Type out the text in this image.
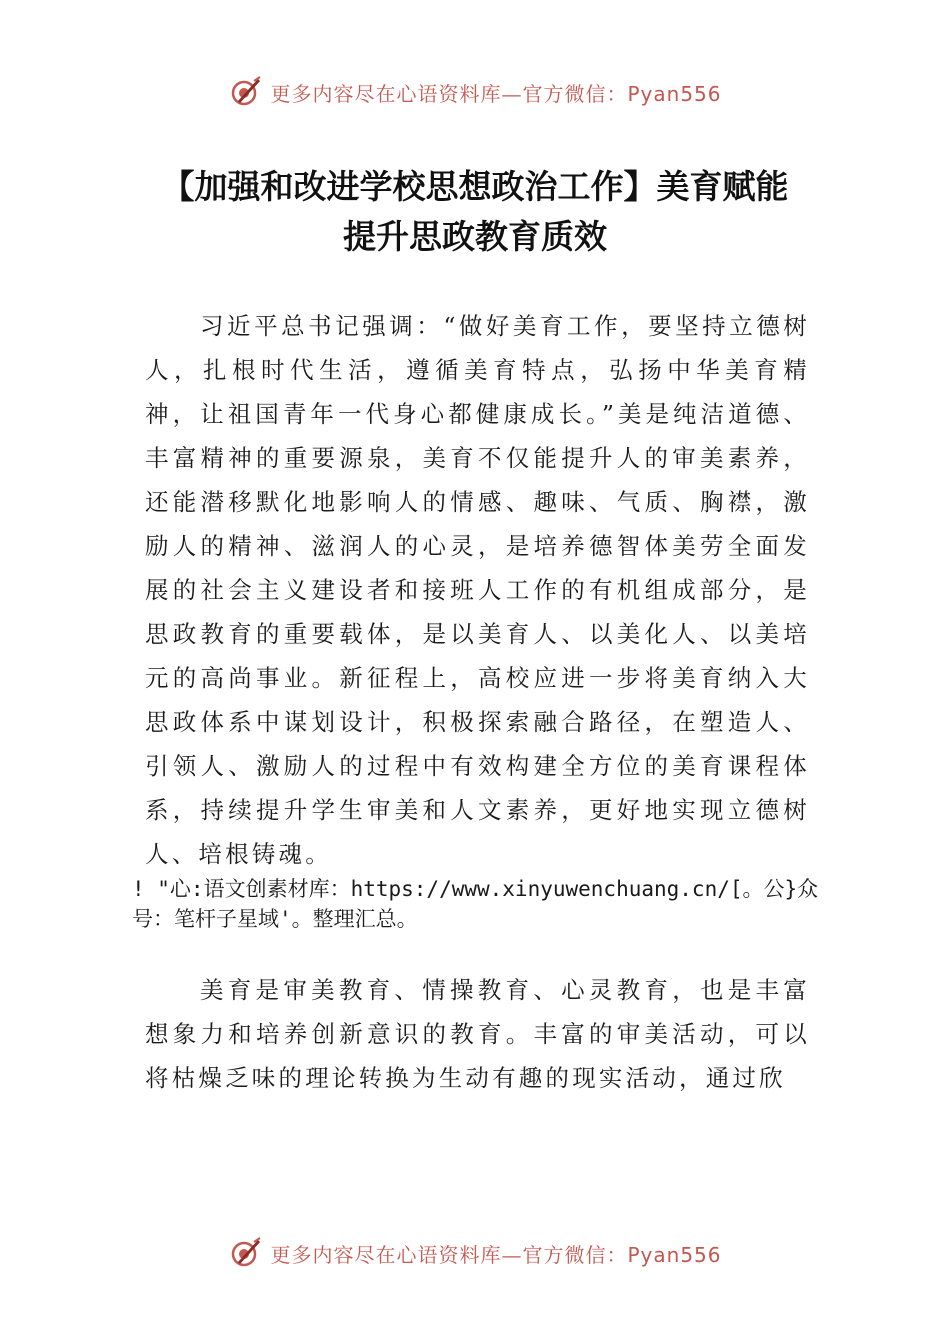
更多内容尽在心语资料库—官方微信：Pyan556
【加强和改进学校思想政治工作】美育赋能
提升思政教育质效
习近平总书记强调：“做好美育工作，要坚持立德树人，扎根时代生活，遵循美育特点，弘扬中华美育精神，让祖国青年一代身心都健康成长。”美是纯洁道德、丰富精神的重要源泉，美育不仅能提升人的审美素养，还能潜移默化地影响人的情感、趣味、气质、胸襟，激励人的精神、滋润人的心灵，是培养德智体美劳全面发展的社会主义建设者和接班人工作的有机组成部分，是思政教育的重要载体，是以美育人、以美化人、以美培元的高尚事业。新征程上，高校应进一步将美育纳入大思政体系中谋划设计，积极探索融合路径，在塑造人、引领人、激励人的过程中有效构建全方位的美育课程体系，持续提升学生审美和人文素养，更好地实现立德树人、培根铸魂。
! "心:语文创素材库：https://www.xinyuwenchuang.cn/[。公}众号：笔杆子星域'。整理汇总。
美育是审美教育、情操教育、心灵教育，也是丰富想象力和培养创新意识的教育。丰富的审美活动，可以将枯燥乏味的理论转换为生动有趣的现实活动，通过欣
更多内容尽在心语资料库—官方微信：Pyan556
